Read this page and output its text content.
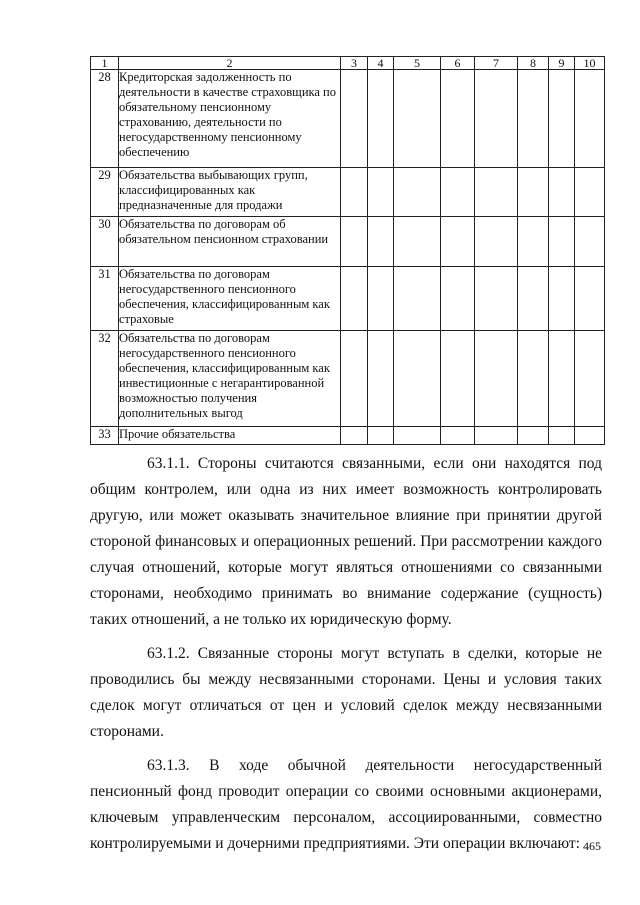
1	2	3	4	5	6	7	8	9	10
28	Кредиторская задолженность по деятельности в качестве страховщика по обязательному пенсионному страхованию, деятельности по негосударственному пенсионному обеспечению								
29	Обязательства выбывающих групп, классифицированных как предназначенные для продажи								
30	Обязательства по договорам об обязательном пенсионном страховании								
31	Обязательства по договорам негосударственного пенсионного обеспечения, классифицированным как страховые								
32	Обязательства по договорам негосударственного пенсионного обеспечения, классифицированным как инвестиционные с негарантированной возможностью получения дополнительных выгод								
33	Прочие обязательства								

63.1.1. Стороны считаются связанными, если они находятся под общим контролем, или одна из них имеет возможность контролировать другую, или может оказывать значительное влияние при принятии другой стороной финансовых и операционных решений. При рассмотрении каждого случая отношений, которые могут являться отношениями со связанными сторонами, необходимо принимать во внимание содержание (сущность) таких отношений, а не только их юридическую форму.

63.1.2. Связанные стороны могут вступать в сделки, которые не проводились бы между несвязанными сторонами. Цены и условия таких сделок могут отличаться от цен и условий сделок между несвязанными сторонами.

63.1.3. В ходе обычной деятельности негосударственный пенсионный фонд проводит операции со своими основными акционерами, ключевым управленческим персоналом, ассоциированными, совместно контролируемыми и дочерними предприятиями. Эти операции включают: 465
